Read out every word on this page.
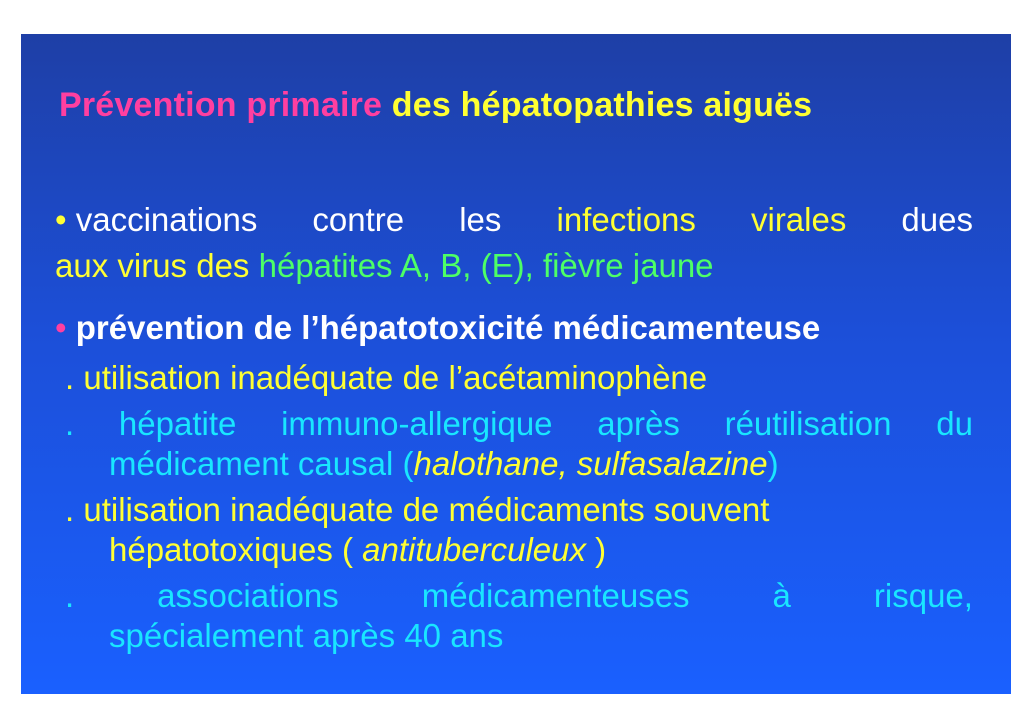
Prévention primaire des hépatopathies aiguës
• vaccinations contre les infections virales dues
aux virus des hépatites A, B, (E), fièvre jaune
• prévention de l’hépatotoxicité médicamenteuse
. utilisation inadéquate de l’acétaminophène
. hépatite immuno-allergique après réutilisation du
médicament causal (halothane, sulfasalazine)
. utilisation inadéquate de médicaments souvent
hépatotoxiques ( antituberculeux )
.	associations	médicamenteuses	à	risque,
spécialement après 40 ans
